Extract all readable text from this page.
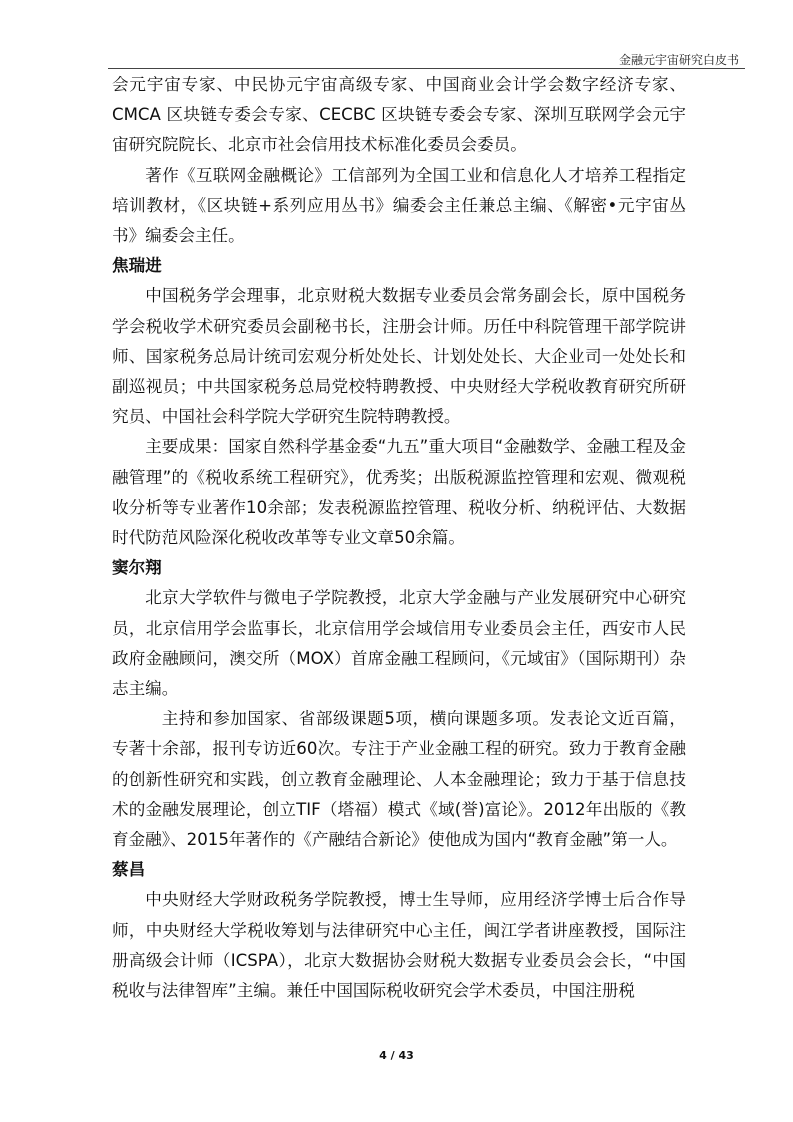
金融元宇宙研究白皮书

会元宇宙专家、中民协元宇宙高级专家、中国商业会计学会数字经济专家、CMCA 区块链专委会专家、CECBC 区块链专委会专家、深圳互联网学会元宇宙研究院院长、北京市社会信用技术标准化委员会委员。

著作《互联网金融概论》工信部列为全国工业和信息化人才培养工程指定培训教材，《区块链+系列应用丛书》编委会主任兼总主编、《解密•元宇宙丛书》编委会主任。

焦瑞进

中国税务学会理事，北京财税大数据专业委员会常务副会长，原中国税务学会税收学术研究委员会副秘书长，注册会计师。历任中科院管理干部学院讲师、国家税务总局计统司宏观分析处处长、计划处处长、大企业司一处处长和副巡视员；中共国家税务总局党校特聘教授、中央财经大学税收教育研究所研究员、中国社会科学院大学研究生院特聘教授。

主要成果：国家自然科学基金委“九五”重大项目“金融数学、金融工程及金融管理”的《税收系统工程研究》，优秀奖；出版税源监控管理和宏观、微观税收分析等专业著作10余部；发表税源监控管理、税收分析、纳税评估、大数据时代防范风险深化税收改革等专业文章50余篇。

窦尔翔

北京大学软件与微电子学院教授，北京大学金融与产业发展研究中心研究员，北京信用学会监事长，北京信用学会域信用专业委员会主任，西安市人民政府金融顾问，澳交所（MOX）首席金融工程顾问，《元域宙》（国际期刊）杂志主编。

主持和参加国家、省部级课题5项，横向课题多项。发表论文近百篇，专著十余部，报刊专访近60次。专注于产业金融工程的研究。致力于教育金融的创新性研究和实践，创立教育金融理论、人本金融理论；致力于基于信息技术的金融发展理论，创立TIF（塔福）模式《域(誉)富论》。2012年出版的《教育金融》、2015年著作的《产融结合新论》使他成为国内“教育金融”第一人。

蔡昌

中央财经大学财政税务学院教授，博士生导师，应用经济学博士后合作导师，中央财经大学税收筹划与法律研究中心主任，闽江学者讲座教授，国际注册高级会计师（ICSPA），北京大数据协会财税大数据专业委员会会长，“中国税收与法律智库”主编。兼任中国国际税收研究会学术委员，中国注册税

4 / 43
